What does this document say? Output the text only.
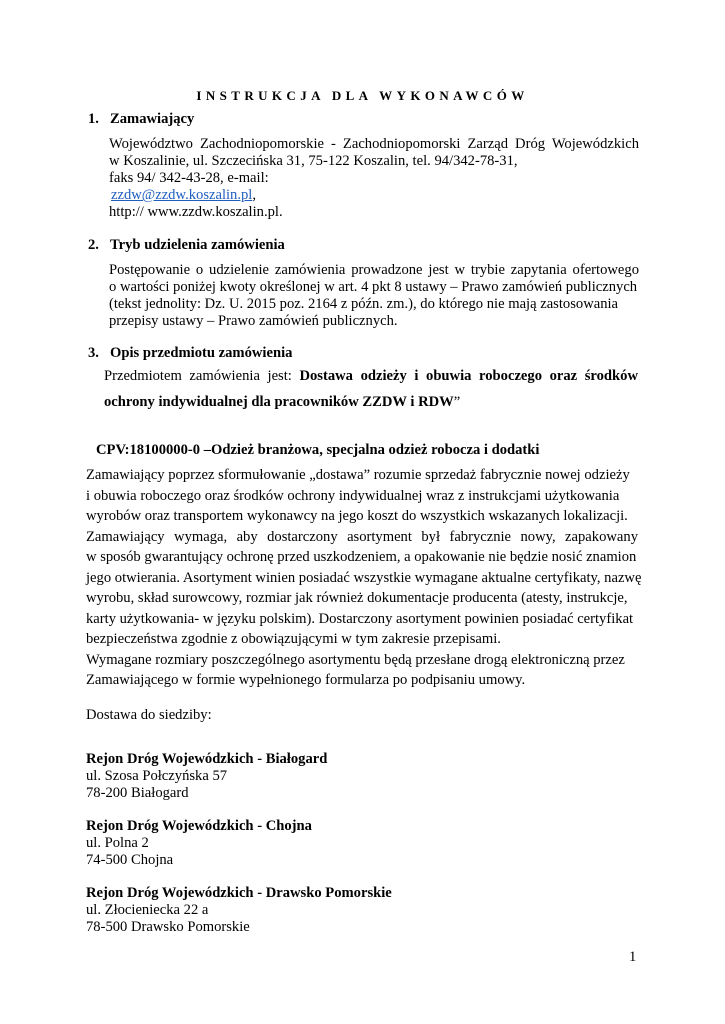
INSTRUKCJA DLA WYKONAWCÓW
1. Zamawiający
Województwo Zachodniopomorskie - Zachodniopomorski Zarząd Dróg Wojewódzkich
w Koszalinie, ul. Szczecińska 31, 75-122 Koszalin, tel. 94/342-78-31,
faks 94/ 342-43-28, e-mail:
zzdw@zzdw.koszalin.pl,
http:// www.zzdw.koszalin.pl.
2. Tryb udzielenia zamówienia
Postępowanie o udzielenie zamówienia prowadzone jest w trybie zapytania ofertowego
o wartości poniżej kwoty określonej w art. 4 pkt 8 ustawy – Prawo zamówień publicznych
(tekst jednolity: Dz. U. 2015 poz. 2164 z późn. zm.), do którego nie mają zastosowania
przepisy ustawy – Prawo zamówień publicznych.
3. Opis przedmiotu zamówienia
Przedmiotem zamówienia jest: Dostawa odzieży i obuwia roboczego oraz środków
ochrony indywidualnej dla pracowników ZZDW i RDW”
CPV:18100000-0 –Odzież branżowa, specjalna odzież robocza i dodatki
Zamawiający poprzez sformułowanie „dostawa” rozumie sprzedaż fabrycznie nowej odzieży
i obuwia roboczego oraz środków ochrony indywidualnej wraz z instrukcjami użytkowania
wyrobów oraz transportem wykonawcy na jego koszt do wszystkich wskazanych lokalizacji.
Zamawiający wymaga, aby dostarczony asortyment był fabrycznie nowy, zapakowany
w sposób gwarantujący ochronę przed uszkodzeniem, a opakowanie nie będzie nosić znamion
jego otwierania. Asortyment winien posiadać wszystkie wymagane aktualne certyfikaty, nazwę
wyrobu, skład surowcowy, rozmiar jak również dokumentacje producenta (atesty, instrukcje,
karty użytkowania- w języku polskim). Dostarczony asortyment powinien posiadać certyfikat
bezpieczeństwa zgodnie z obowiązującymi w tym zakresie przepisami.
Wymagane rozmiary poszczególnego asortymentu będą przesłane drogą elektroniczną przez
Zamawiającego w formie wypełnionego formularza po podpisaniu umowy.
Dostawa do siedziby:
Rejon Dróg Wojewódzkich - Białogard
ul. Szosa Połczyńska 57
78-200 Białogard
Rejon Dróg Wojewódzkich - Chojna
ul. Polna 2
74-500 Chojna
Rejon Dróg Wojewódzkich - Drawsko Pomorskie
ul. Złocieniecka 22 a
78-500 Drawsko Pomorskie
1
